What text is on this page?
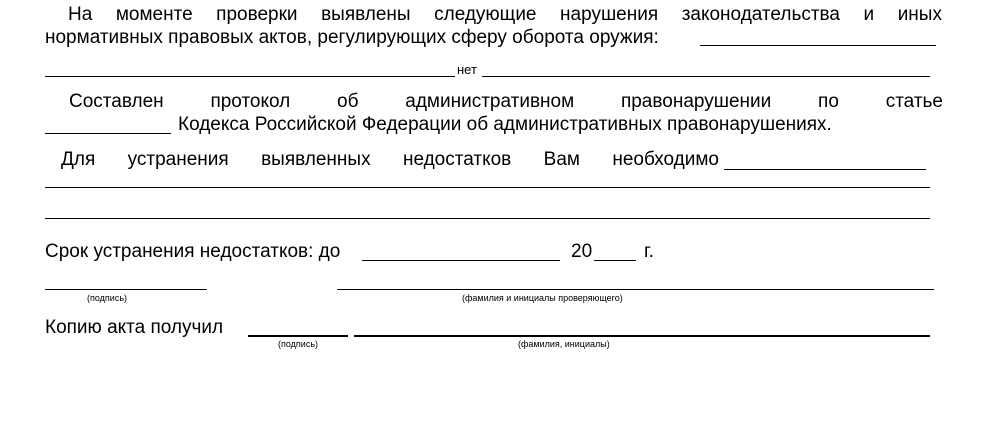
На моменте проверки выявлены следующие нарушения законодательства и иных
нормативных правовых актов, регулирующих сферу оборота оружия:
нет
Составлен протокол об административном правонарушении по статье
Кодекса Российской Федерации об административных правонарушениях.
Для устранения выявленных недостатков Вам необходимо
Срок устранения недостатков: до	20	г.
(подпись)	(фамилия и инициалы проверяющего)
Копию акта получил
(подпись)	(фамилия, инициалы)
